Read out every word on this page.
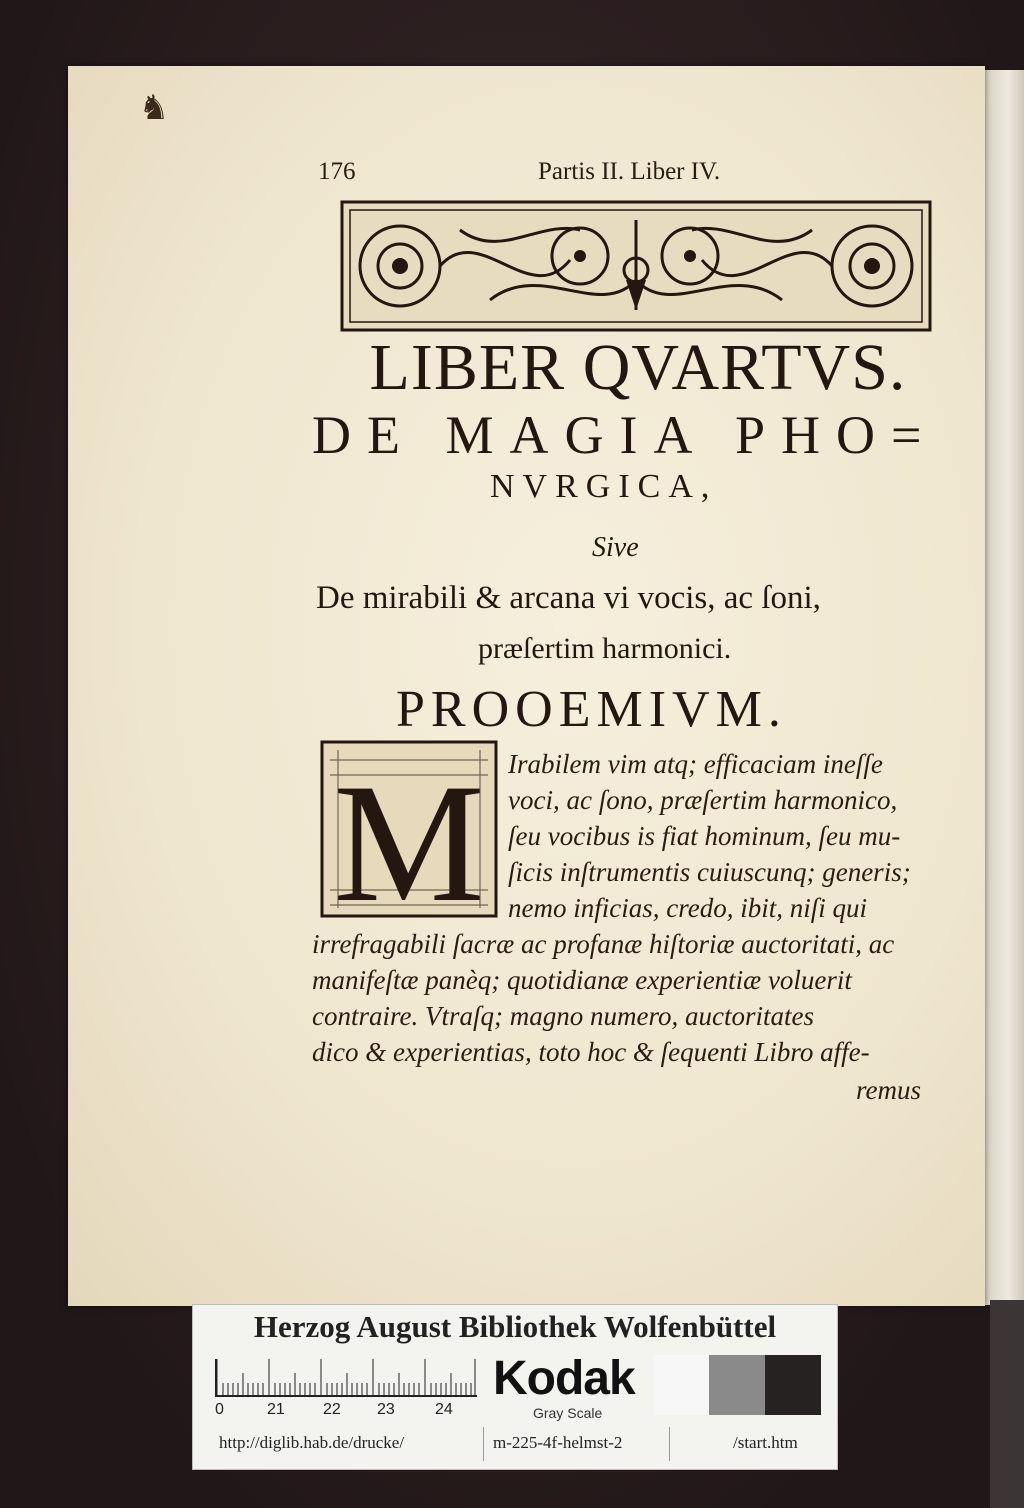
♞
176	Partis II. Liber IV.
LIBER QVARTVS.
DE MAGIA PHO=
NVRGICA,
Sive
De mirabili & arcana vi vocis, ac ſoni,
præſertim harmonici.
PROOEMIVM.
M Irabilem vim atq; efficaciam ineſſe
voci, ac ſono, præſertim harmonico,
ſeu vocibus is fiat hominum, ſeu mu-
ſicis inſtrumentis cuiuscunq; generis;
nemo inficias, credo, ibit, niſi qui
irrefragabili ſacræ ac profanæ hiſtoriæ auctoritati, ac
manifeſtæ panèq; quotidianæ experientiæ voluerit
contraire. Vtraſq; magno numero, auctoritates
dico & experientias, toto hoc & ſequenti Libro affe-
remus
Herzog August Bibliothek Wolfenbüttel
0	21 22 23	24
Kodak
Gray Scale
http://diglib.hab.de/drucke/	m-225-4f-helmst-2	/start.htm
